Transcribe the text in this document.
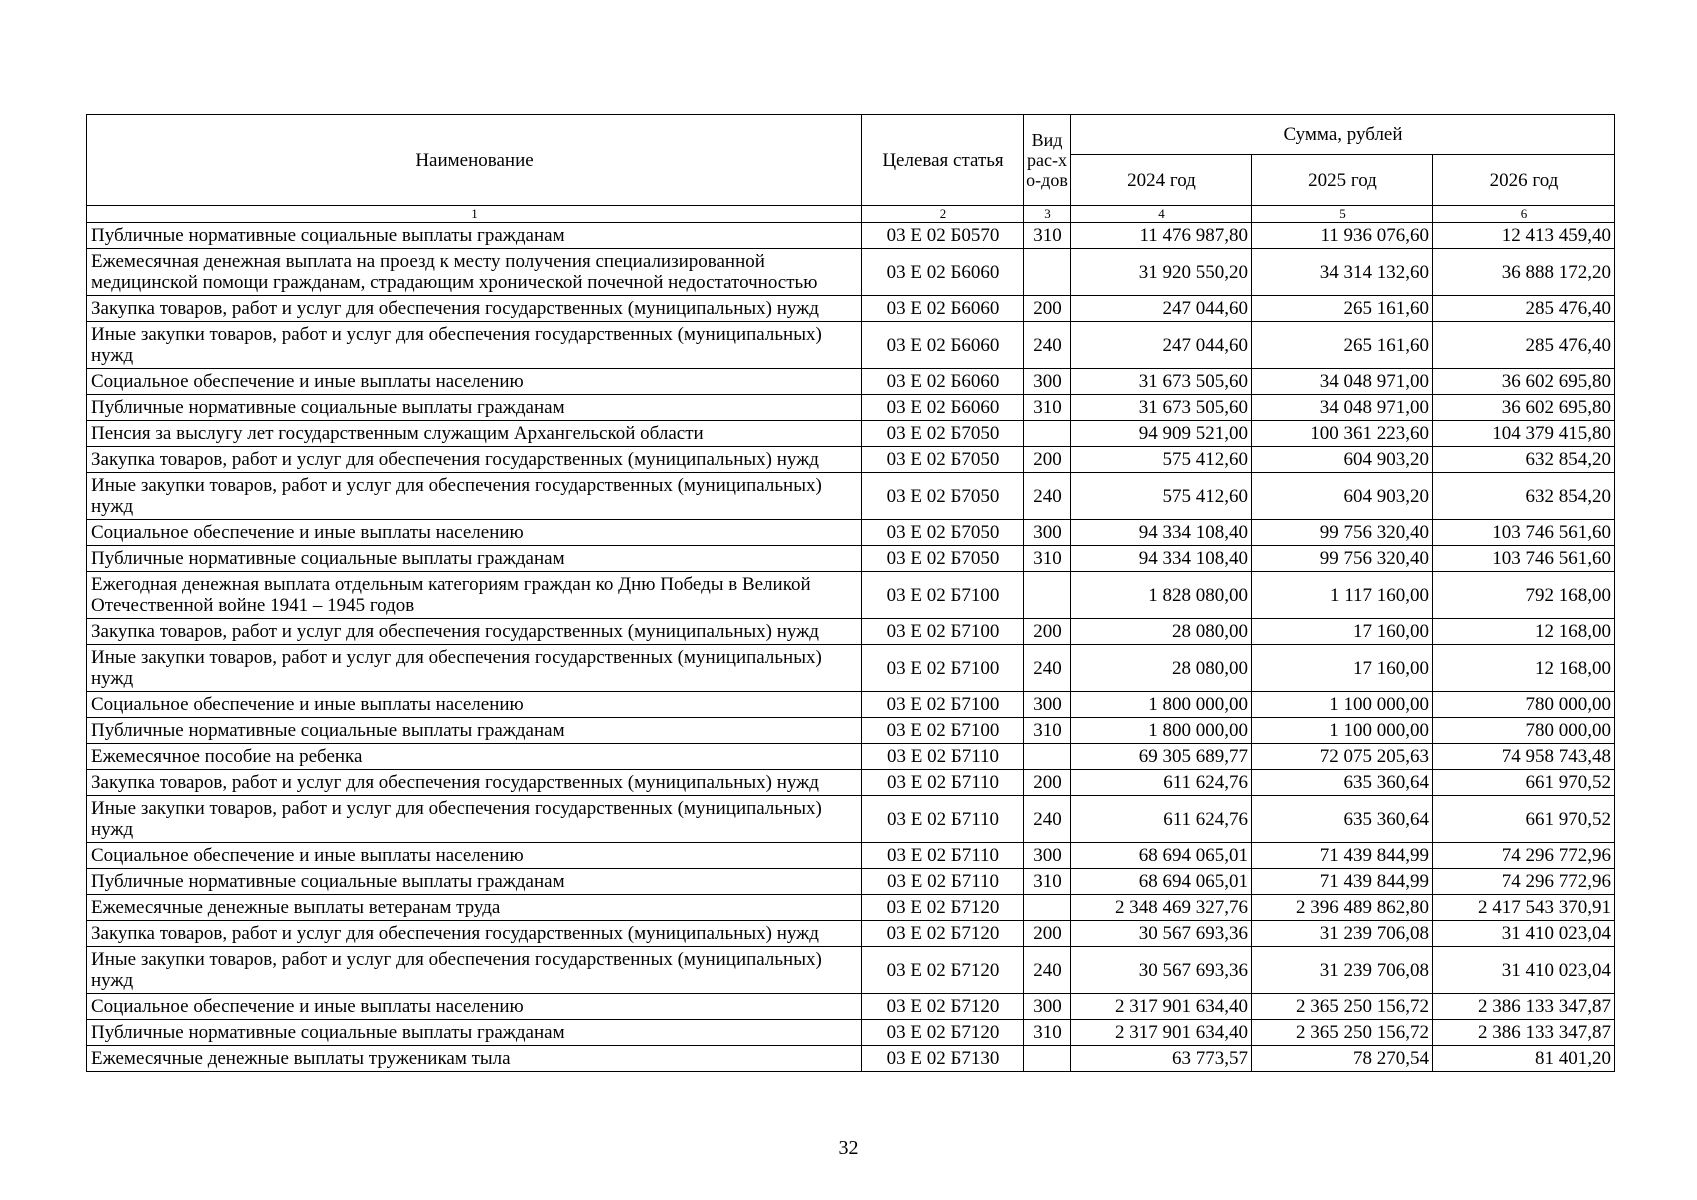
Наименование	Целевая статья	Вид рас-хо-дов	Сумма, рублей		
			2024 год	2025 год	2026 год
1	2	3	4	5	6
Публичные нормативные социальные выплаты гражданам	03 Е 02 Б0570	310	11 476 987,80	11 936 076,60	12 413 459,40
Ежемесячная денежная выплата на проезд к месту получения специализированной медицинской помощи гражданам, страдающим хронической почечной недостаточностью	03 Е 02 Б6060		31 920 550,20	34 314 132,60	36 888 172,20
Закупка товаров, работ и услуг для обеспечения государственных (муниципальных) нужд	03 Е 02 Б6060	200	247 044,60	265 161,60	285 476,40
Иные закупки товаров, работ и услуг для обеспечения государственных (муниципальных) нужд	03 Е 02 Б6060	240	247 044,60	265 161,60	285 476,40
Социальное обеспечение и иные выплаты населению	03 Е 02 Б6060	300	31 673 505,60	34 048 971,00	36 602 695,80
Публичные нормативные социальные выплаты гражданам	03 Е 02 Б6060	310	31 673 505,60	34 048 971,00	36 602 695,80
Пенсия за выслугу лет государственным служащим Архангельской области	03 Е 02 Б7050		94 909 521,00	100 361 223,60	104 379 415,80
Закупка товаров, работ и услуг для обеспечения государственных (муниципальных) нужд	03 Е 02 Б7050	200	575 412,60	604 903,20	632 854,20
Иные закупки товаров, работ и услуг для обеспечения государственных (муниципальных) нужд	03 Е 02 Б7050	240	575 412,60	604 903,20	632 854,20
Социальное обеспечение и иные выплаты населению	03 Е 02 Б7050	300	94 334 108,40	99 756 320,40	103 746 561,60
Публичные нормативные социальные выплаты гражданам	03 Е 02 Б7050	310	94 334 108,40	99 756 320,40	103 746 561,60
Ежегодная денежная выплата отдельным категориям граждан ко Дню Победы в Великой Отечественной войне 1941 – 1945 годов	03 Е 02 Б7100		1 828 080,00	1 117 160,00	792 168,00
Закупка товаров, работ и услуг для обеспечения государственных (муниципальных) нужд	03 Е 02 Б7100	200	28 080,00	17 160,00	12 168,00
Иные закупки товаров, работ и услуг для обеспечения государственных (муниципальных) нужд	03 Е 02 Б7100	240	28 080,00	17 160,00	12 168,00
Социальное обеспечение и иные выплаты населению	03 Е 02 Б7100	300	1 800 000,00	1 100 000,00	780 000,00
Публичные нормативные социальные выплаты гражданам	03 Е 02 Б7100	310	1 800 000,00	1 100 000,00	780 000,00
Ежемесячное пособие на ребенка	03 Е 02 Б7110		69 305 689,77	72 075 205,63	74 958 743,48
Закупка товаров, работ и услуг для обеспечения государственных (муниципальных) нужд	03 Е 02 Б7110	200	611 624,76	635 360,64	661 970,52
Иные закупки товаров, работ и услуг для обеспечения государственных (муниципальных) нужд	03 Е 02 Б7110	240	611 624,76	635 360,64	661 970,52
Социальное обеспечение и иные выплаты населению	03 Е 02 Б7110	300	68 694 065,01	71 439 844,99	74 296 772,96
Публичные нормативные социальные выплаты гражданам	03 Е 02 Б7110	310	68 694 065,01	71 439 844,99	74 296 772,96
Ежемесячные денежные выплаты ветеранам труда	03 Е 02 Б7120		2 348 469 327,76	2 396 489 862,80	2 417 543 370,91
Закупка товаров, работ и услуг для обеспечения государственных (муниципальных) нужд	03 Е 02 Б7120	200	30 567 693,36	31 239 706,08	31 410 023,04
Иные закупки товаров, работ и услуг для обеспечения государственных (муниципальных) нужд	03 Е 02 Б7120	240	30 567 693,36	31 239 706,08	31 410 023,04
Социальное обеспечение и иные выплаты населению	03 Е 02 Б7120	300	2 317 901 634,40	2 365 250 156,72	2 386 133 347,87
Публичные нормативные социальные выплаты гражданам	03 Е 02 Б7120	310	2 317 901 634,40	2 365 250 156,72	2 386 133 347,87
Ежемесячные денежные выплаты труженикам тыла	03 Е 02 Б7130		63 773,57	78 270,54	81 401,20
32
